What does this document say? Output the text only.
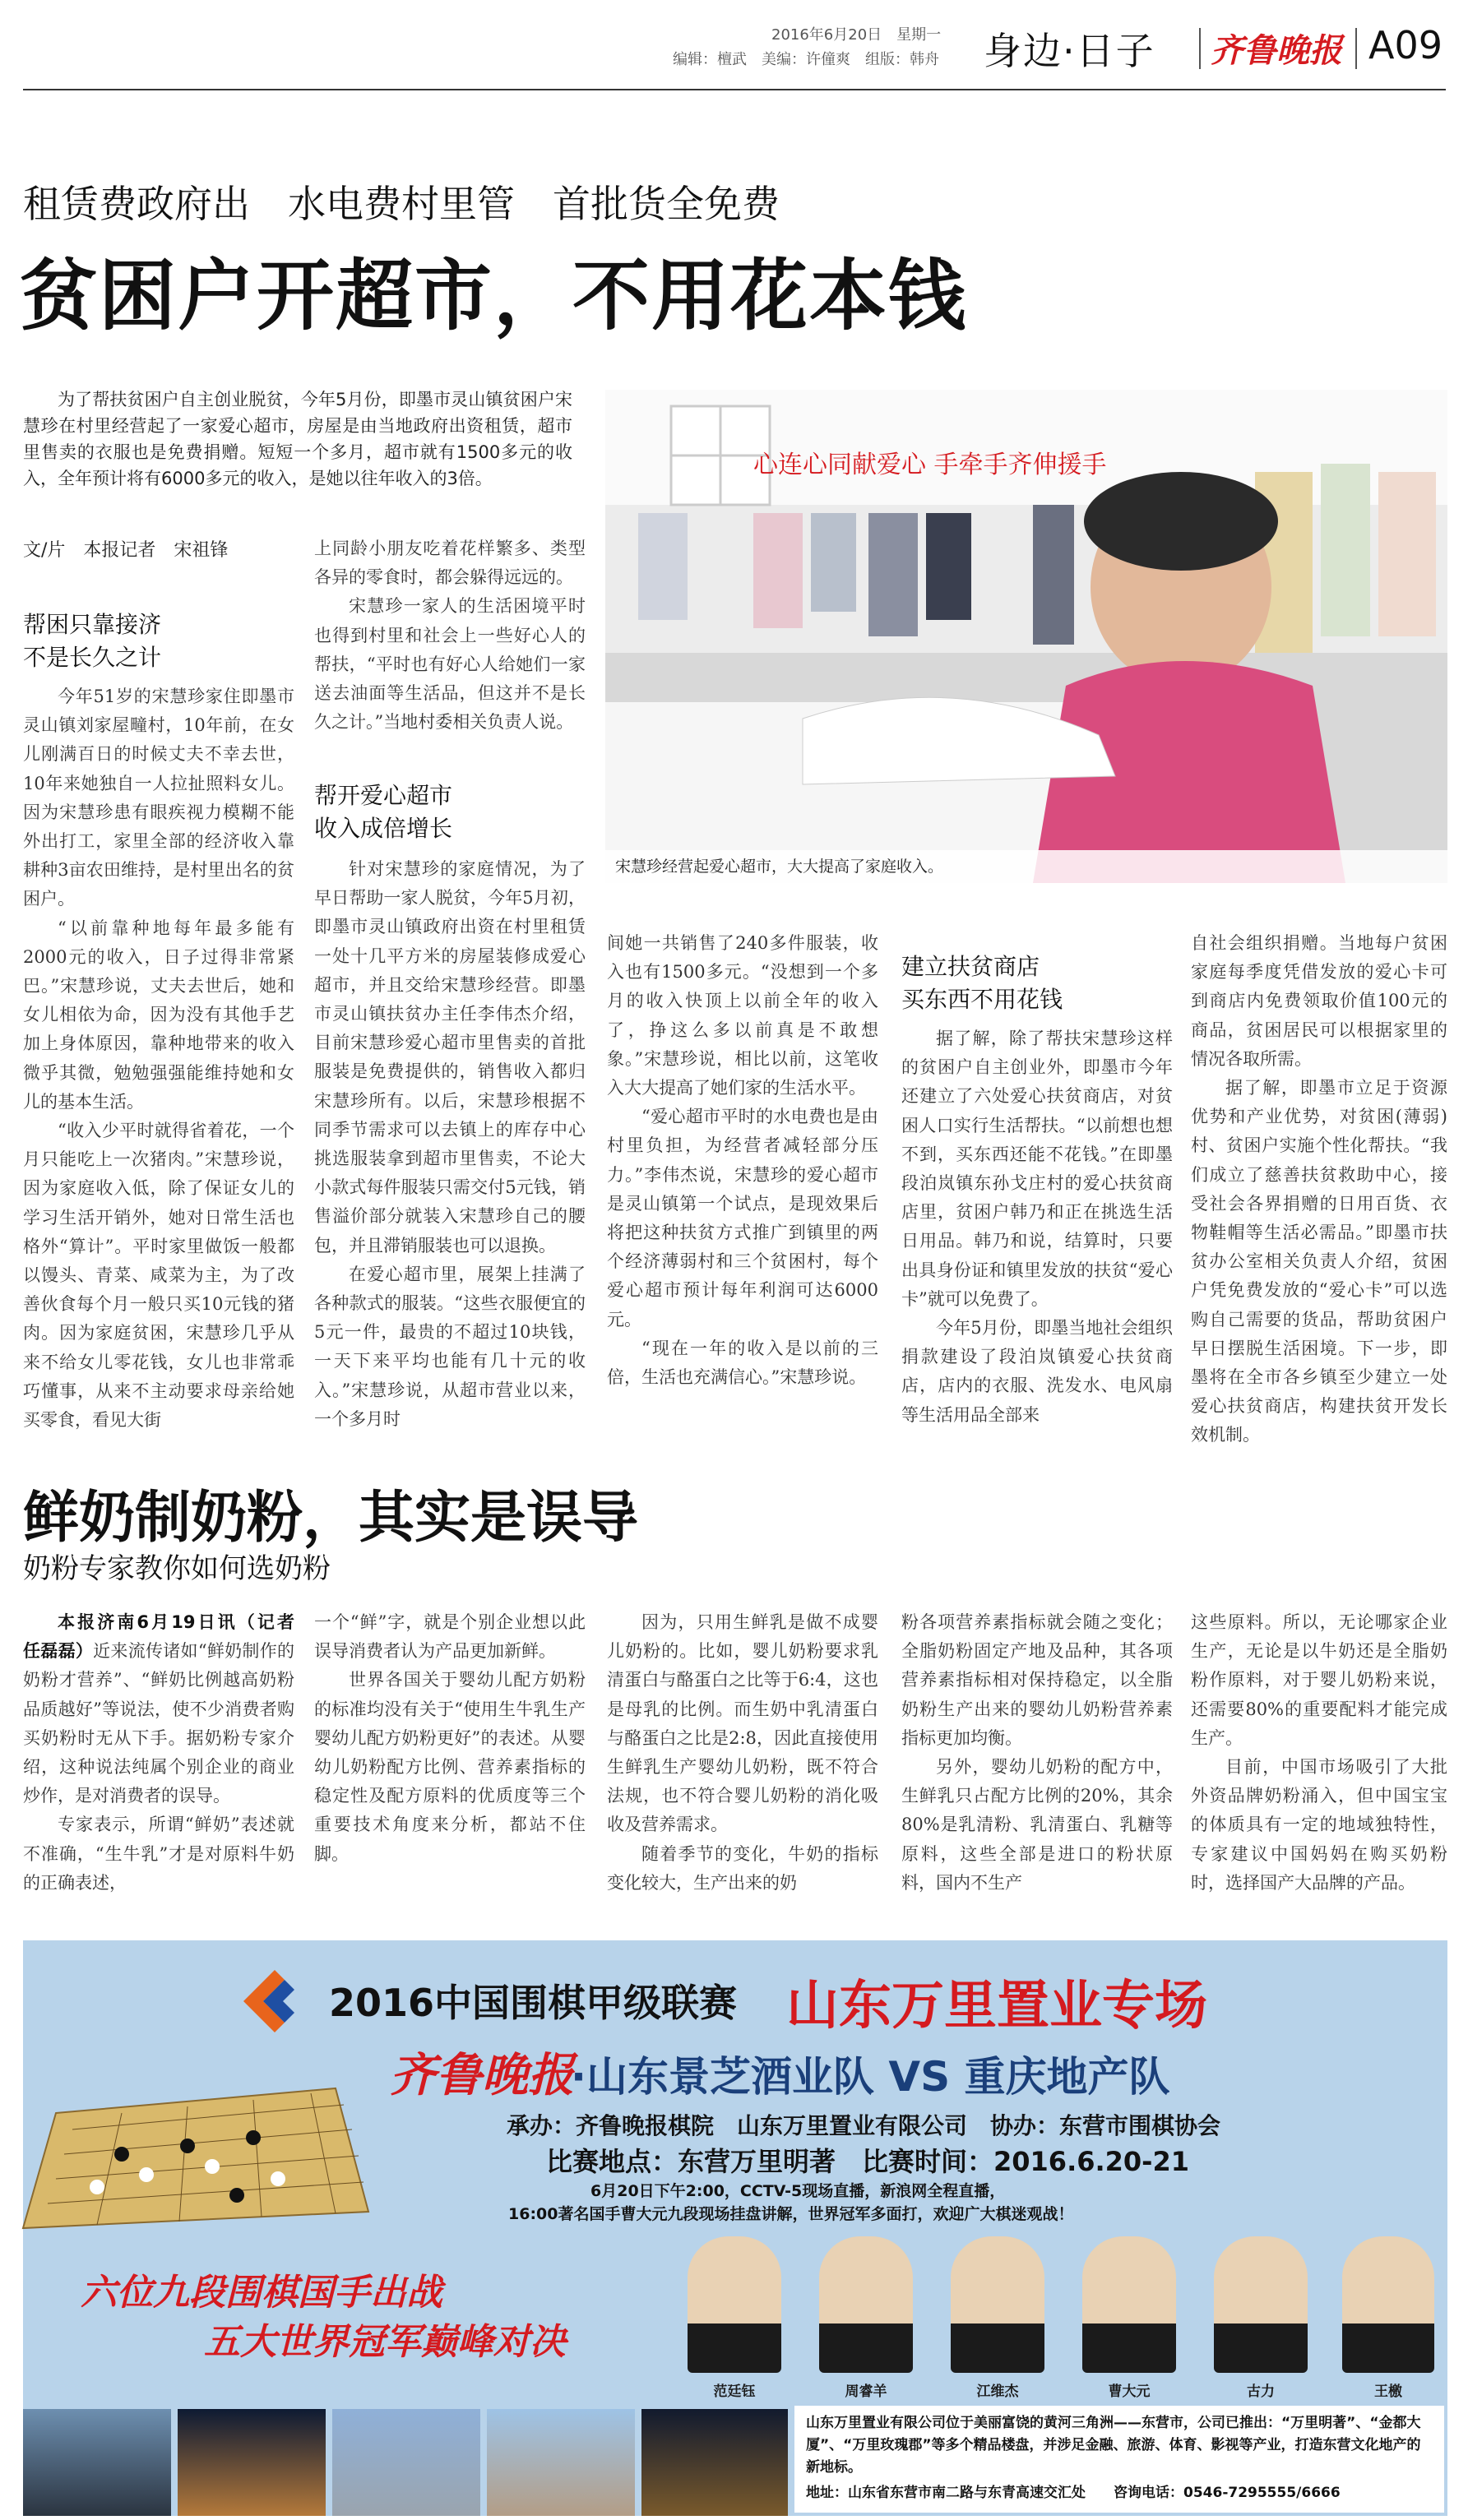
2016年6月20日　 星期一
编辑：檀武　美编：许僮爽　组版：韩舟 身边·日子 齐鲁晚报 A09
租赁费政府出　水电费村里管　首批货全免费
贫困户开超市，不用花本钱
为了帮扶贫困户自主创业脱贫，今年5月份，即墨市灵山镇贫困户宋慧珍在村里经营起了一家爱心超市，房屋是由当地政府出资租赁，超市里售卖的衣服也是免费捐赠。短短一个多月，超市就有1500多元的收入，全年预计将有6000多元的收入，是她以往年收入的3倍。
文/片　本报记者　宋祖锋
心连心同献爱心 手牵手齐伸援手
宋慧珍经营起爱心超市，大大提高了家庭收入。
帮困只靠接济
不是长久之计
帮开爱心超市
收入成倍增长
建立扶贫商店
买东西不用花钱

今年51岁的宋慧珍家住即墨市灵山镇刘家屋疃村，10年前，在女儿刚满百日的时候丈夫不幸去世，10年来她独自一人拉扯照料女儿。因为宋慧珍患有眼疾视力模糊不能外出打工，家里全部的经济收入靠耕种3亩农田维持，是村里出名的贫困户。

“以前靠种地每年最多能有2000元的收入，日子过得非常紧巴。”宋慧珍说，丈夫去世后，她和女儿相依为命，因为没有其他手艺加上身体原因，靠种地带来的收入微乎其微，勉勉强强能维持她和女儿的基本生活。

“收入少平时就得省着花，一个月只能吃上一次猪肉。”宋慧珍说，因为家庭收入低，除了保证女儿的学习生活开销外，她对日常生活也格外“算计”。平时家里做饭一般都以馒头、青菜、咸菜为主，为了改善伙食每个月一般只买10元钱的猪肉。因为家庭贫困，宋慧珍几乎从来不给女儿零花钱，女儿也非常乖巧懂事，从来不主动要求母亲给她买零食，看见大街

上同龄小朋友吃着花样繁多、类型各异的零食时，都会躲得远远的。

宋慧珍一家人的生活困境平时也得到村里和社会上一些好心人的帮扶，“平时也有好心人给她们一家送去油面等生活品，但这并不是长久之计。”当地村委相关负责人说。

针对宋慧珍的家庭情况，为了早日帮助一家人脱贫，今年5月初，即墨市灵山镇政府出资在村里租赁一处十几平方米的房屋装修成爱心超市，并且交给宋慧珍经营。即墨市灵山镇扶贫办主任李伟杰介绍，目前宋慧珍爱心超市里售卖的首批服装是免费提供的，销售收入都归宋慧珍所有。以后，宋慧珍根据不同季节需求可以去镇上的库存中心挑选服装拿到超市里售卖，不论大小款式每件服装只需交付5元钱，销售溢价部分就装入宋慧珍自己的腰包，并且滞销服装也可以退换。

在爱心超市里，展架上挂满了各种款式的服装。“这些衣服便宜的5元一件，最贵的不超过10块钱，一天下来平均也能有几十元的收入。”宋慧珍说，从超市营业以来，一个多月时

间她一共销售了240多件服装，收入也有1500多元。“没想到一个多月的收入快顶上以前全年的收入了，挣这么多以前真是不敢想象。”宋慧珍说，相比以前，这笔收入大大提高了她们家的生活水平。

“爱心超市平时的水电费也是由村里负担，为经营者减轻部分压力。”李伟杰说，宋慧珍的爱心超市是灵山镇第一个试点，是现效果后将把这种扶贫方式推广到镇里的两个经济薄弱村和三个贫困村，每个爱心超市预计每年利润可达6000元。

“现在一年的收入是以前的三倍，生活也充满信心。”宋慧珍说。

据了解，除了帮扶宋慧珍这样的贫困户自主创业外，即墨市今年还建立了六处爱心扶贫商店，对贫困人口实行生活帮扶。“以前想也想不到，买东西还能不花钱。”在即墨段泊岚镇东孙戈庄村的爱心扶贫商店里，贫困户韩乃和正在挑选生活日用品。韩乃和说，结算时，只要出具身份证和镇里发放的扶贫“爱心卡”就可以免费了。

今年5月份，即墨当地社会组织捐款建设了段泊岚镇爱心扶贫商店，店内的衣服、洗发水、电风扇等生活用品全部来

自社会组织捐赠。当地每户贫困家庭每季度凭借发放的爱心卡可到商店内免费领取价值100元的商品，贫困居民可以根据家里的情况各取所需。

据了解，即墨市立足于资源优势和产业优势，对贫困(薄弱)村、贫困户实施个性化帮扶。“我们成立了慈善扶贫救助中心，接受社会各界捐赠的日用百货、衣物鞋帽等生活必需品。”即墨市扶贫办公室相关负责人介绍，贫困户凭免费发放的“爱心卡”可以选购自己需要的货品，帮助贫困户早日摆脱生活困境。下一步，即墨将在全市各乡镇至少建立一处爱心扶贫商店，构建扶贫开发长效机制。

鲜奶制奶粉，其实是误导
奶粉专家教你如何选奶粉

本报济南6月19日讯（记者　任磊磊）近来流传诸如“鲜奶制作的奶粉才营养”、“鲜奶比例越高奶粉品质越好”等说法，使不少消费者购买奶粉时无从下手。据奶粉专家介绍，这种说法纯属个别企业的商业炒作，是对消费者的误导。

专家表示，所谓“鲜奶”表述就不准确，“生牛乳”才是对原料牛奶的正确表述，

一个“鲜”字，就是个别企业想以此误导消费者认为产品更加新鲜。

世界各国关于婴幼儿配方奶粉的标准均没有关于“使用生牛乳生产婴幼儿配方奶粉更好”的表述。从婴幼儿奶粉配方比例、营养素指标的稳定性及配方原料的优质度等三个重要技术角度来分析，都站不住脚。

因为，只用生鲜乳是做不成婴儿奶粉的。比如，婴儿奶粉要求乳清蛋白与酪蛋白之比等于6:4，这也是母乳的比例。而生奶中乳清蛋白与酪蛋白之比是2:8，因此直接使用生鲜乳生产婴幼儿奶粉，既不符合法规，也不符合婴儿奶粉的消化吸收及营养需求。

随着季节的变化，牛奶的指标变化较大，生产出来的奶

粉各项营养素指标就会随之变化；全脂奶粉固定产地及品种，其各项营养素指标相对保持稳定，以全脂奶粉生产出来的婴幼儿奶粉营养素指标更加均衡。

另外，婴幼儿奶粉的配方中，生鲜乳只占配方比例的20%，其余80%是乳清粉、乳清蛋白、乳糖等原料，这些全部是进口的粉状原料，国内不生产

这些原料。所以，无论哪家企业生产，无论是以牛奶还是全脂奶粉作原料，对于婴儿奶粉来说，还需要80%的重要配料才能完成生产。

目前，中国市场吸引了大批外资品牌奶粉涌入，但中国宝宝的体质具有一定的地域独特性，专家建议中国妈妈在购买奶粉时，选择国产大品牌的产品。

2016中国围棋甲级联赛 山东万里置业专场
齐鲁晚报
·山东景芝酒业队 VS 重庆地产队
承办：齐鲁晚报棋院　山东万里置业有限公司　协办：东营市围棋协会
比赛地点：东营万里明著　比赛时间：2016.6.20-21
6月20日下午2:00，CCTV-5现场直播，新浪网全程直播，
16:00著名国手曹大元九段现场挂盘讲解，世界冠军多面打，欢迎广大棋迷观战！
六位九段围棋国手出战
五大世界冠军巅峰对决
范廷钰	周睿羊	江维杰	曹大元	古力	王檄
山东万里置业有限公司位于美丽富饶的黄河三角洲——东营市，公司已推出：“万里明著”、“金都大厦”、“万里玫瑰郡”等多个精品楼盘，并涉足金融、旅游、体育、影视等产业，打造东营文化地产的新地标。
地址：山东省东营市南二路与东青高速交汇处　　 咨询电话：0546-7295555/6666
